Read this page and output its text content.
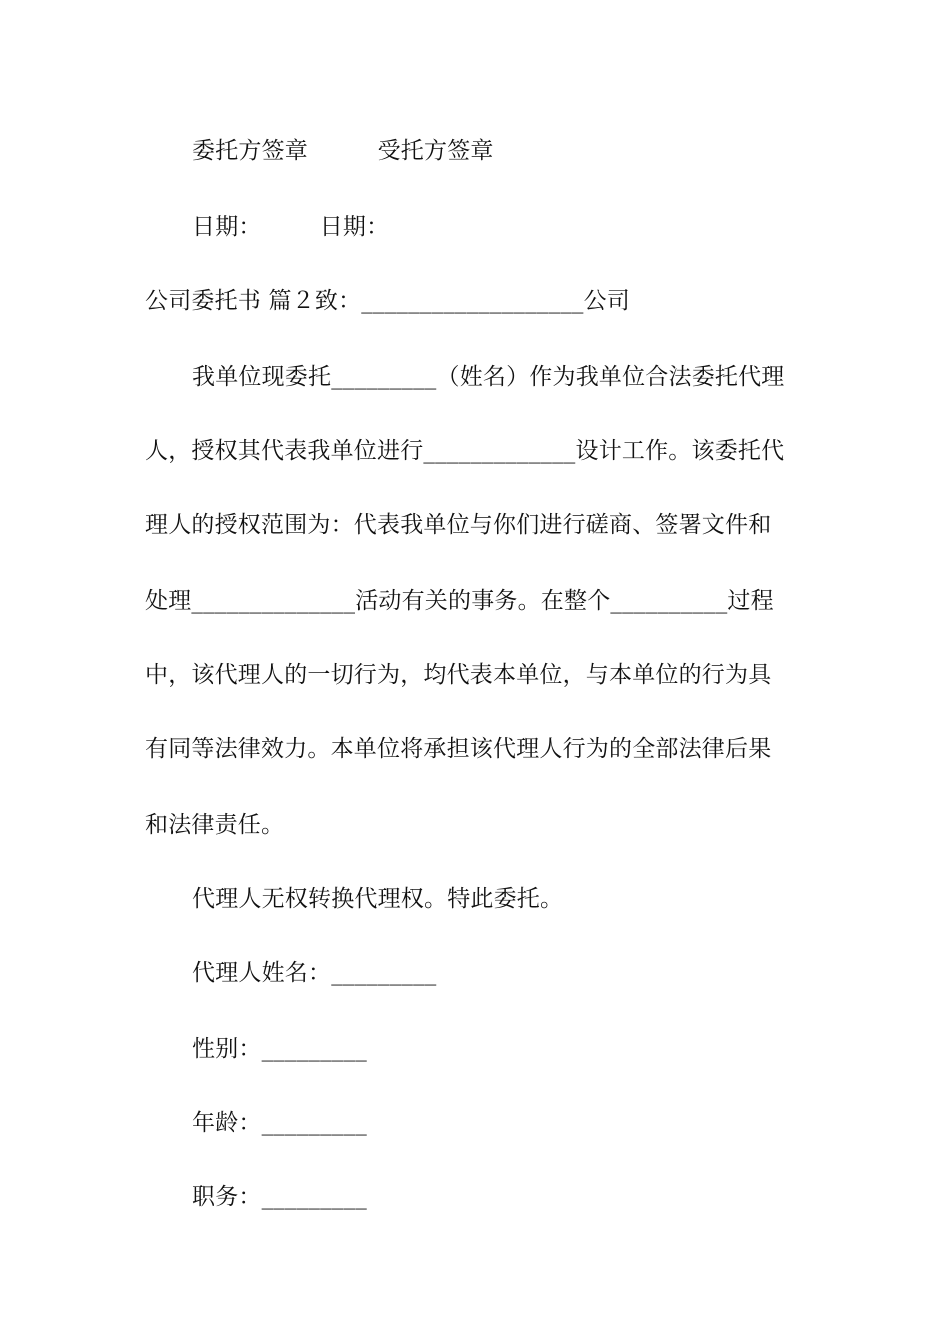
委托方签章　　　受托方签章
日期：　　　日期：
公司委托书 篇２致：___________________公司
我单位现委托_________（姓名）作为我单位合法委托代理
人，授权其代表我单位进行_____________设计工作。该委托代
理人的授权范围为：代表我单位与你们进行磋商、签署文件和
处理______________活动有关的事务。在整个__________过程
中，该代理人的一切行为，均代表本单位，与本单位的行为具
有同等法律效力。本单位将承担该代理人行为的全部法律后果
和法律责任。
代理人无权转换代理权。特此委托。
代理人姓名：_________
性别：_________
年龄：_________
职务：_________
